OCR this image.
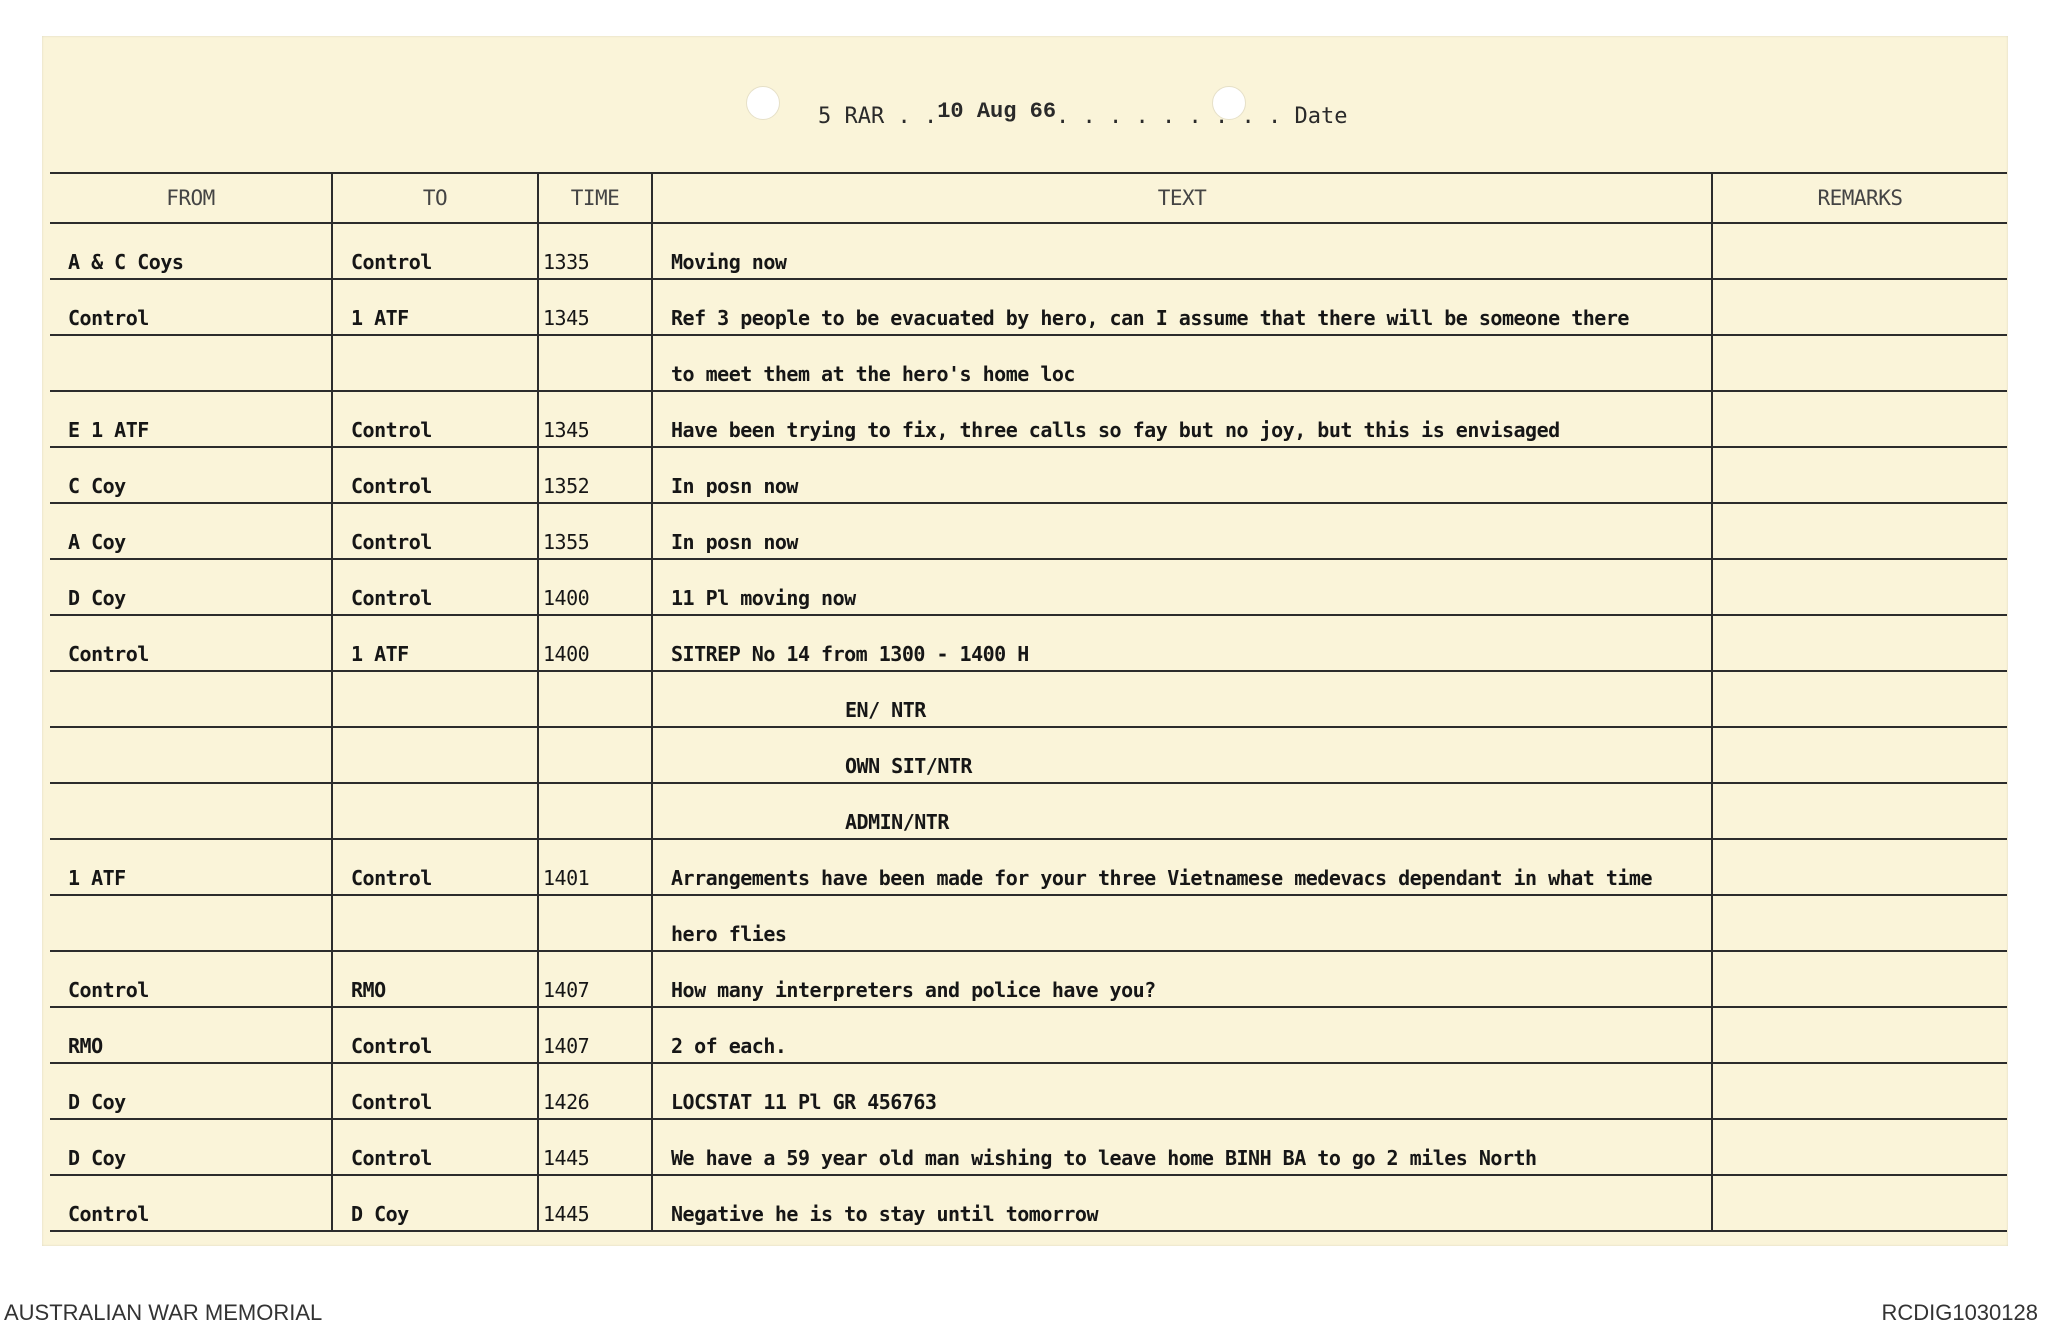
5 RAR . .10 Aug 66. . . . . . . . . Date
FROM	TO	TIME	TEXT	REMARKS
A & C Coys	Control	1335	Moving now	
Control	1 ATF	1345	Ref 3 people to be evacuated by hero, can I assume that there will be someone there	
			to meet them at the hero's home loc	
E 1 ATF	Control	1345	Have been trying to fix, three calls so fay but no joy, but this is envisaged	
C Coy	Control	1352	In posn now	
A Coy	Control	1355	In posn now	
D Coy	Control	1400	11 Pl moving now	
Control	1 ATF	1400	SITREP No 14 from 1300 - 1400 H	
			EN/ NTR	
			OWN SIT/NTR	
			ADMIN/NTR	
1 ATF	Control	1401	Arrangements have been made for your three Vietnamese medevacs dependant in what time	
			hero flies	
Control	RMO	1407	How many interpreters and police have you?	
RMO	Control	1407	2 of each.	
D Coy	Control	1426	LOCSTAT 11 Pl GR 456763	
D Coy	Control	1445	We have a 59 year old man wishing to leave home BINH BA to go 2 miles North	
Control	D Coy	1445	Negative he is to stay until tomorrow	
AUSTRALIAN WAR MEMORIAL	RCDIG1030128
